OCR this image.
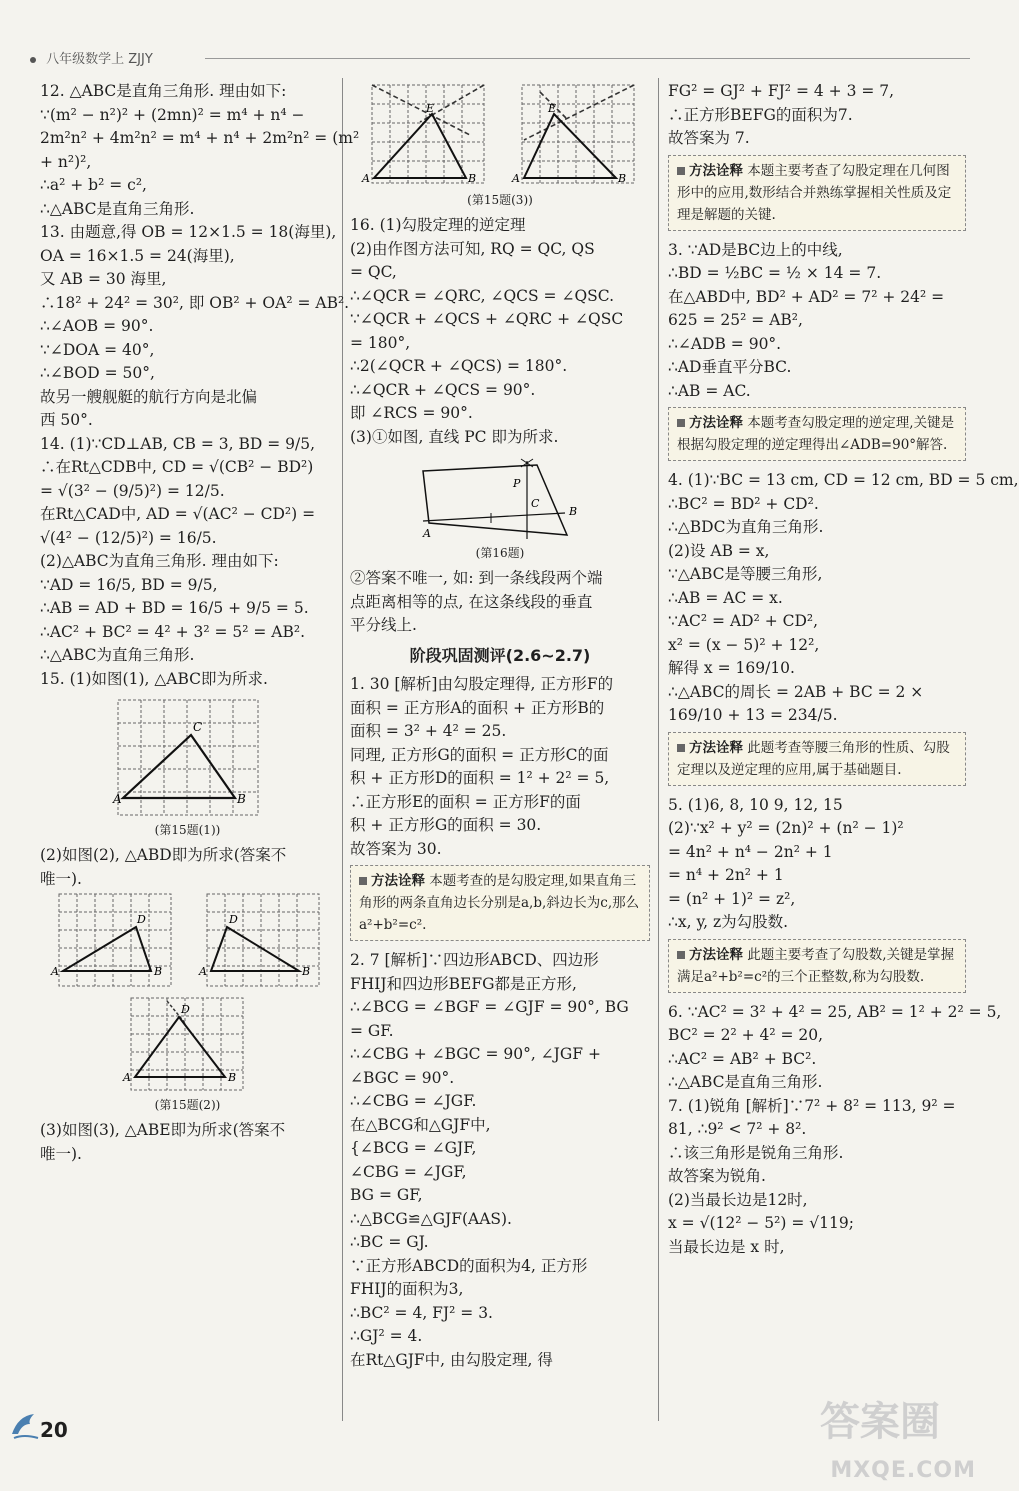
八年级数学上 ZJJY
12. △ABC是直角三角形. 理由如下:
∵(m² − n²)² + (2mn)² = m⁴ + n⁴ −
2m²n² + 4m²n² = m⁴ + n⁴ + 2m²n² = (m²
+ n²)²,
∴a² + b² = c²,
∴△ABC是直角三角形.
13. 由题意,得 OB = 12×1.5 = 18(海里),
OA = 16×1.5 = 24(海里),
又 AB = 30 海里,
∴18² + 24² = 30², 即 OB² + OA² = AB².
∴∠AOB = 90°.
∵∠DOA = 40°,
∴∠BOD = 50°,
故另一艘舰艇的航行方向是北偏
西 50°.
14. (1)∵CD⊥AB, CB = 3, BD = 9/5,
∴在Rt△CDB中, CD = √(CB² − BD²)
= √(3² − (9/5)²) = 12/5.
在Rt△CAD中, AD = √(AC² − CD²) =
√(4² − (12/5)²) = 16/5.
(2)△ABC为直角三角形. 理由如下:
∵AD = 16/5, BD = 9/5,
∴AB = AD + BD = 16/5 + 9/5 = 5.
∴AC² + BC² = 4² + 3² = 5² = AB².
∴△ABC为直角三角形.
15. (1)如图(1), △ABC即为所求.
A
C
B
(第15题(1))
(2)如图(2), △ABD即为所求(答案不
唯一).
A
D
B	A
D
B
A
D
B
(第15题(2))
(3)如图(3), △ABE即为所求(答案不
唯一).
A
E
B	A
E
B
(第15题(3))
16. (1)勾股定理的逆定理
(2)由作图方法可知, RQ = QC, QS
= QC,
∴∠QCR = ∠QRC, ∠QCS = ∠QSC.
∵∠QCR + ∠QCS + ∠QRC + ∠QSC
= 180°,
∴2(∠QCR + ∠QCS) = 180°.
∴∠QCR + ∠QCS = 90°.
即 ∠RCS = 90°.
(3)①如图, 直线 PC 即为所求.
P
C
A
B
(第16题)
②答案不唯一, 如: 到一条线段两个端
点距离相等的点, 在这条线段的垂直
平分线上.
阶段巩固测评(2.6~2.7)
1. 30 [解析]由勾股定理得, 正方形F的
面积 = 正方形A的面积 + 正方形B的
面积 = 3² + 4² = 25.
同理, 正方形G的面积 = 正方形C的面
积 + 正方形D的面积 = 1² + 2² = 5,
∴正方形E的面积 = 正方形F的面
积 + 正方形G的面积 = 30.
故答案为 30.
方法诠释 本题考查的是勾股定理,如果直角三角形的两条直角边长分别是a,b,斜边长为c,那么a²+b²=c².
2. 7 [解析]∵四边形ABCD、四边形
FHIJ和四边形BEFG都是正方形,
∴∠BCG = ∠BGF = ∠GJF = 90°, BG
= GF.
∴∠CBG + ∠BGC = 90°, ∠JGF +
∠BGC = 90°.
∴∠CBG = ∠JGF.
在△BCG和△GJF中,
{∠BCG = ∠GJF,
∠CBG = ∠JGF,
BG = GF,
∴△BCG≌△GJF(AAS).
∴BC = GJ.
∵正方形ABCD的面积为4, 正方形
FHIJ的面积为3,
∴BC² = 4, FJ² = 3.
∴GJ² = 4.
在Rt△GJF中, 由勾股定理, 得
FG² = GJ² + FJ² = 4 + 3 = 7,
∴正方形BEFG的面积为7.
故答案为 7.
方法诠释 本题主要考查了勾股定理在几何图形中的应用,数形结合并熟练掌握相关性质及定理是解题的关键.
3. ∵AD是BC边上的中线,
∴BD = ½BC = ½ × 14 = 7.
在△ABD中, BD² + AD² = 7² + 24² =
625 = 25² = AB²,
∴∠ADB = 90°.
∴AD垂直平分BC.
∴AB = AC.
方法诠释 本题考查勾股定理的逆定理,关键是根据勾股定理的逆定理得出∠ADB=90°解答.
4. (1)∵BC = 13 cm, CD = 12 cm, BD = 5 cm,
∴BC² = BD² + CD².
∴△BDC为直角三角形.
(2)设 AB = x,
∵△ABC是等腰三角形,
∴AB = AC = x.
∵AC² = AD² + CD²,
x² = (x − 5)² + 12²,
解得 x = 169/10.
∴△ABC的周长 = 2AB + BC = 2 ×
169/10 + 13 = 234/5.
方法诠释 此题考查等腰三角形的性质、勾股定理以及逆定理的应用,属于基础题目.
5. (1)6, 8, 10 9, 12, 15
(2)∵x² + y² = (2n)² + (n² − 1)²
= 4n² + n⁴ − 2n² + 1
= n⁴ + 2n² + 1
= (n² + 1)² = z²,
∴x, y, z为勾股数.
方法诠释 此题主要考查了勾股数,关键是掌握满足a²+b²=c²的三个正整数,称为勾股数.
6. ∵AC² = 3² + 4² = 25, AB² = 1² + 2² = 5,
BC² = 2² + 4² = 20,
∴AC² = AB² + BC².
∴△ABC是直角三角形.
7. (1)锐角 [解析]∵7² + 8² = 113, 9² =
81, ∴9² < 7² + 8².
∴该三角形是锐角三角形.
故答案为锐角.
(2)当最长边是12时,
x = √(12² − 5²) = √119;
当最长边是 x 时,
20	答案圈
MXQE.COM
